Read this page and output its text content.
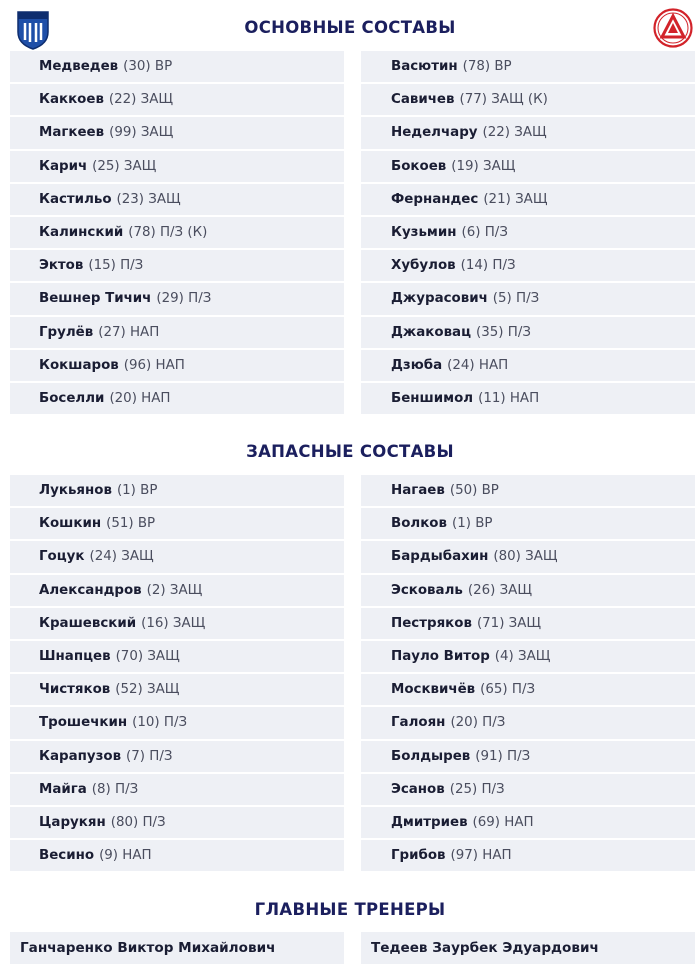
ОСНОВНЫЕ СОСТАВЫ
Медведев (30) ВР
Каккоев (22) ЗАЩ
Магкеев (99) ЗАЩ
Карич (25) ЗАЩ
Кастильо (23) ЗАЩ
Калинский (78) П/З (К)
Эктов (15) П/З
Вешнер Тичич (29) П/З
Грулёв (27) НАП
Кокшаров (96) НАП
Боселли (20) НАП
Васютин (78) ВР
Савичев (77) ЗАЩ (К)
Неделчару (22) ЗАЩ
Бокоев (19) ЗАЩ
Фернандес (21) ЗАЩ
Кузьмин (6) П/З
Хубулов (14) П/З
Джурасович (5) П/З
Джаковац (35) П/З
Дзюба (24) НАП
Беншимол (11) НАП
ЗАПАСНЫЕ СОСТАВЫ
Лукьянов (1) ВР
Кошкин (51) ВР
Гоцук (24) ЗАЩ
Александров (2) ЗАЩ
Крашевский (16) ЗАЩ
Шнапцев (70) ЗАЩ
Чистяков (52) ЗАЩ
Трошечкин (10) П/З
Карапузов (7) П/З
Майга (8) П/З
Царукян (80) П/З
Весино (9) НАП
Нагаев (50) ВР
Волков (1) ВР
Бардыбахин (80) ЗАЩ
Эсковаль (26) ЗАЩ
Пестряков (71) ЗАЩ
Пауло Витор (4) ЗАЩ
Москвичёв (65) П/З
Галоян (20) П/З
Болдырев (91) П/З
Эсанов (25) П/З
Дмитриев (69) НАП
Грибов (97) НАП
ГЛАВНЫЕ ТРЕНЕРЫ
Ганчаренко Виктор Михайлович	Тедеев Заурбек Эдуардович
